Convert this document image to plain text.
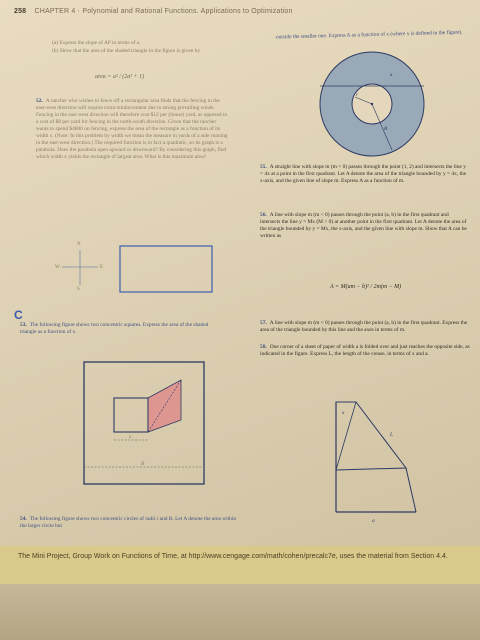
258 CHAPTER 4 · Polynomial and Rational Functions. Applications to Optimization
(a) Express the slope of AP in terms of a.
(b) Show that the area of the shaded triangle in the figure is given by
area = a² / (2a² + 1)
52. A rancher who wishes to fence off a rectangular area finds that the fencing in the east-west direction will require extra reinforcement due to strong prevailing winds. Fencing in the east-west direction will therefore cost $12 per (linear) yard, as opposed to a cost of $8 per yard for fencing in the north-south direction. Given that the rancher wants to spend $4800 on fencing, express the area of the rectangle as a function of its width x. (Note: In this problem by width we mean the measure in yards of a side running in the east-west direction.) The required function is in fact a quadratic, so its graph is a parabola. Does the parabola open upward or downward? By considering this graph, find which width x yields the rectangle of largest area. What is this maximum area?
N
S
W	E
C
53. The following figure shows two concentric squares. Express the area of the shaded triangle as a function of x.
x
R
54. The following figure shows two concentric circles of radii r and R. Let A denote the area within the larger circle but
outside the smaller one. Express A as a function of x (where x is defined in the figure).
x
r
R
55. A straight line with slope m (m < 0) passes through the point (1, 2) and intersects the line y = 4x at a point in the first quadrant. Let A denote the area of the triangle bounded by y = 4x, the x-axis, and the given line of slope m. Express A as a function of m.
56. A line with slope m (m < 0) passes through the point (a, b) in the first quadrant and intersects the line y = Mx (M > 0) at another point in the first quadrant. Let A denote the area of the triangle bounded by y = Mx, the x-axis, and the given line with slope m. Show that A can be written as
A = M(am − b)² / 2m(m − M)
57. A line with slope m (m < 0) passes through the point (a, b) in the first quadrant. Express the area of the triangle bounded by this line and the axes in terms of m.
58. One corner of a sheet of paper of width a is folded over and just reaches the opposite side, as indicated in the figure. Express L, the length of the crease, in terms of x and a.
x
L
a
The Mini Project, Group Work on Functions of Time, at http://www.cengage.com/math/cohen/precalc7e, uses the material from Section 4.4.
